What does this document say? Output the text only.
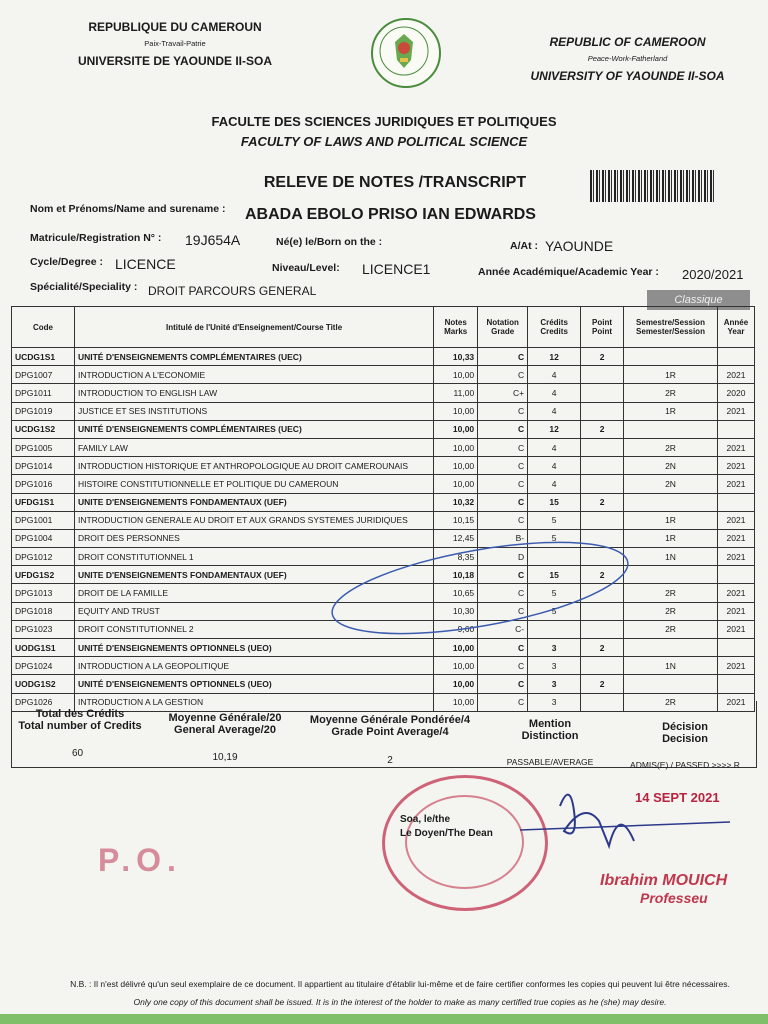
REPUBLIQUE DU CAMEROUN
Paix-Travail-Patrie
UNIVERSITE DE YAOUNDE II-SOA
REPUBLIC OF CAMEROON
Peace-Work-Fatherland
UNIVERSITY OF YAOUNDE II-SOA
FACULTE DES SCIENCES JURIDIQUES ET POLITIQUES
FACULTY OF LAWS AND POLITICAL SCIENCE
RELEVE DE NOTES /TRANSCRIPT
Nom et Prénoms/Name and surename : ABADA EBOLO PRISO IAN EDWARDS
Matricule/Registration N° : 19J654A	Né(e) le/Born on the :	A/At : YAOUNDE
Cycle/Degree : LICENCE	Niveau/Level: LICENCE1	Année Académique/Academic Year : 2020/2021
Spécialité/Speciality : DROIT PARCOURS GENERAL
Classique
Code	Intitulé de l'Unité d'Enseignement/Course Title	Notes Marks	Notation Grade	Crédits Credits	Point Point	Semestre/Session Semester/Session	Année Year
UCDG1S1	UNITÉ D'ENSEIGNEMENTS COMPLÉMENTAIRES (UEC)	10,33	C	12	2		
DPG1007	INTRODUCTION A L'ECONOMIE	10,00	C	4		1R	2021
DPG1011	INTRODUCTION TO ENGLISH LAW	11,00	C+	4		2R	2020
DPG1019	JUSTICE ET SES INSTITUTIONS	10,00	C	4		1R	2021
UCDG1S2	UNITÉ D'ENSEIGNEMENTS COMPLÉMENTAIRES (UEC)	10,00	C	12	2		
DPG1005	FAMILY LAW	10,00	C	4		2R	2021
DPG1014	INTRODUCTION HISTORIQUE ET ANTHROPOLOGIQUE AU DROIT CAMEROUNAIS	10,00	C	4		2N	2021
DPG1016	HISTOIRE CONSTITUTIONNELLE ET POLITIQUE DU CAMEROUN	10,00	C	4		2N	2021
UFDG1S1	UNITE D'ENSEIGNEMENTS FONDAMENTAUX (UEF)	10,32	C	15	2		
DPG1001	INTRODUCTION GENERALE AU DROIT ET AUX GRANDS SYSTEMES JURIDIQUES	10,15	C	5		1R	2021
DPG1004	DROIT DES PERSONNES	12,45	B-	5		1R	2021
DPG1012	DROIT CONSTITUTIONNEL 1	8,35	D			1N	2021
UFDG1S2	UNITE D'ENSEIGNEMENTS FONDAMENTAUX (UEF)	10,18	C	15	2		
DPG1013	DROIT DE LA FAMILLE	10,65	C	5		2R	2021
DPG1018	EQUITY AND TRUST	10,30	C	5		2R	2021
DPG1023	DROIT CONSTITUTIONNEL 2	9,60	C-			2R	2021
UODG1S1	UNITÉ D'ENSEIGNEMENTS OPTIONNELS (UEO)	10,00	C	3	2		
DPG1024	INTRODUCTION A LA GEOPOLITIQUE	10,00	C	3		1N	2021
UODG1S2	UNITÉ D'ENSEIGNEMENTS OPTIONNELS (UEO)	10,00	C	3	2		
DPG1026	INTRODUCTION A LA GESTION	10,00	C	3		2R	2021
Total des Crédits
Total number of Credits
60
Moyenne Générale/20
General Average/20
10,19
Moyenne Générale Pondérée/4
Grade Point Average/4
2
Mention
Distinction
PASSABLE/AVERAGE
Décision
Decision
ADMIS(E) / PASSED >>>> R
P.O.
14 SEPT 2021
Soa, le/the
Le Doyen/The Dean
Ibrahim MOUICH
Professeu
N.B. : Il n'est délivré qu'un seul exemplaire de ce document. Il appartient au titulaire d'établir lui-même et de faire certifier conformes les copies qui peuvent lui être nécessaires.
Only one copy of this document shall be issued. It is in the interest of the holder to make as many certified true copies as he (she) may desire.
